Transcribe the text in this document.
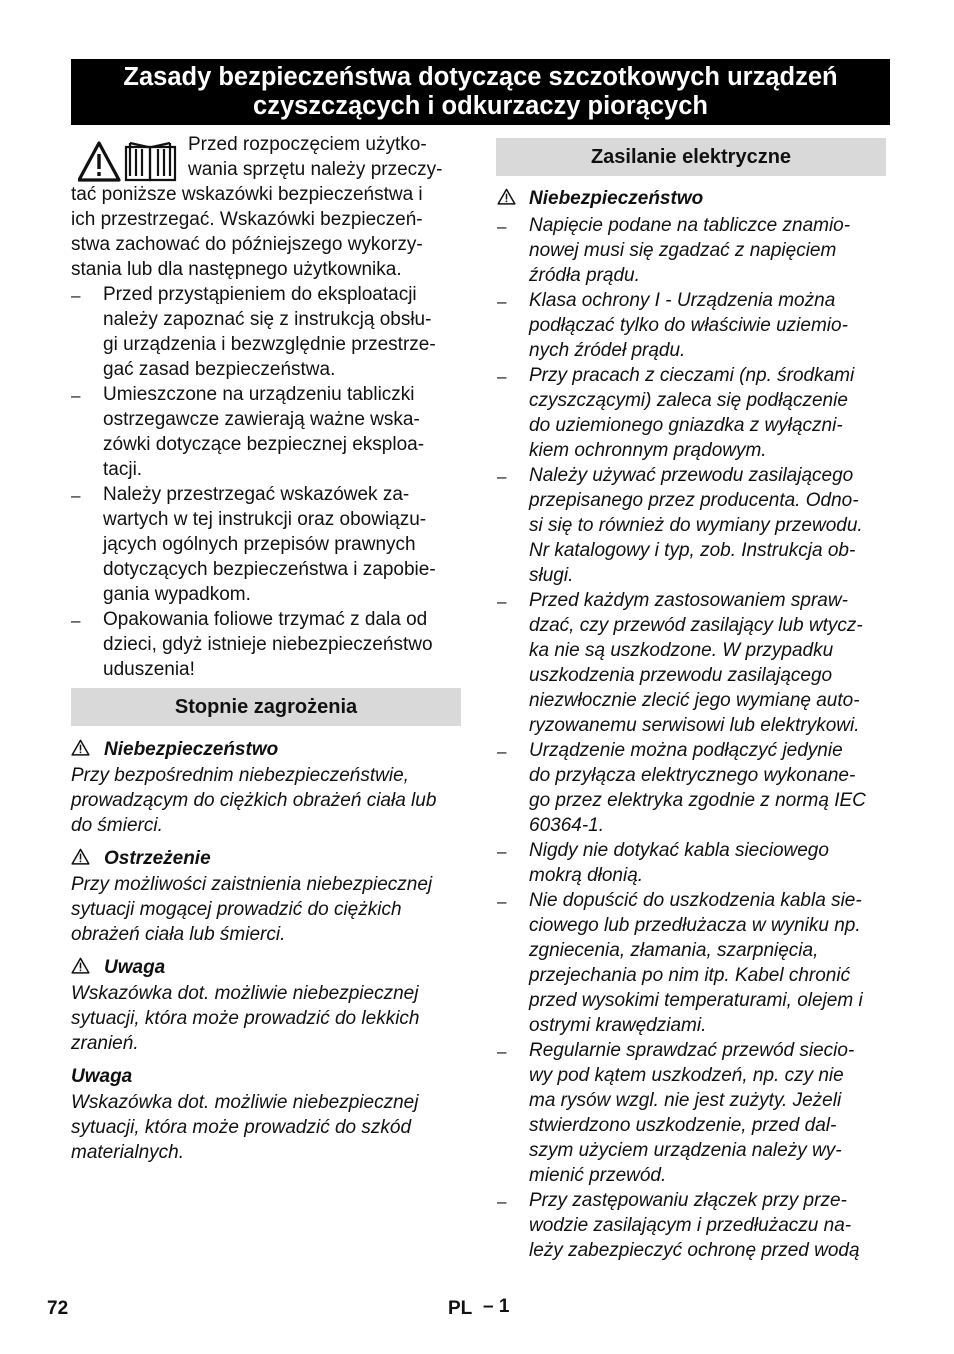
Zasady bezpieczeństwa dotyczące szczotkowych urządzeń
czyszczących i odkurzaczy piorących
Przed rozpoczęciem użytko-
wania sprzętu należy przeczy-
tać poniższe wskazówki bezpieczeństwa i
ich przestrzegać. Wskazówki bezpieczeń-
stwa zachować do późniejszego wykorzy-
stania lub dla następnego użytkownika.
– Przed przystąpieniem do eksploatacji
należy zapoznać się z instrukcją obsłu-
gi urządzenia i bezwzględnie przestrze-
gać zasad bezpieczeństwa.
– Umieszczone na urządzeniu tabliczki
ostrzegawcze zawierają ważne wska-
zówki dotyczące bezpiecznej eksploa-
tacji.
– Należy przestrzegać wskazówek za-
wartych w tej instrukcji oraz obowiązu-
jących ogólnych przepisów prawnych
dotyczących bezpieczeństwa i zapobie-
gania wypadkom.
– Opakowania foliowe trzymać z dala od
dzieci, gdyż istnieje niebezpieczeństwo
uduszenia!
Stopnie zagrożenia
Niebezpieczeństwo
Przy bezpośrednim niebezpieczeństwie,
prowadzącym do ciężkich obrażeń ciała lub
do śmierci.
Ostrzeżenie
Przy możliwości zaistnienia niebezpiecznej
sytuacji mogącej prowadzić do ciężkich
obrażeń ciała lub śmierci.
Uwaga
Wskazówka dot. możliwie niebezpiecznej
sytuacji, która może prowadzić do lekkich
zranień.
Uwaga
Wskazówka dot. możliwie niebezpiecznej
sytuacji, która może prowadzić do szkód
materialnych.
Zasilanie elektryczne
Niebezpieczeństwo
– Napięcie podane na tabliczce znamio-
nowej musi się zgadzać z napięciem
źródła prądu.
– Klasa ochrony I - Urządzenia można
podłączać tylko do właściwie uziemio-
nych źródeł prądu.
– Przy pracach z cieczami (np. środkami
czyszczącymi) zaleca się podłączenie
do uziemionego gniazdka z wyłączni-
kiem ochronnym prądowym.
– Należy używać przewodu zasilającego
przepisanego przez producenta. Odno-
si się to również do wymiany przewodu.
Nr katalogowy i typ, zob. Instrukcja ob-
sługi.
– Przed każdym zastosowaniem spraw-
dzać, czy przewód zasilający lub wtycz-
ka nie są uszkodzone. W przypadku
uszkodzenia przewodu zasilającego
niezwłocznie zlecić jego wymianę auto-
ryzowanemu serwisowi lub elektrykowi.
– Urządzenie można podłączyć jedynie
do przyłącza elektrycznego wykonane-
go przez elektryka zgodnie z normą IEC
60364-1.
– Nigdy nie dotykać kabla sieciowego
mokrą dłonią.
– Nie dopuścić do uszkodzenia kabla sie-
ciowego lub przedłużacza w wyniku np.
zgniecenia, złamania, szarpnięcia,
przejechania po nim itp. Kabel chronić
przed wysokimi temperaturami, olejem i
ostrymi krawędziami.
– Regularnie sprawdzać przewód siecio-
wy pod kątem uszkodzeń, np. czy nie
ma rysów wzgl. nie jest zużyty. Jeżeli
stwierdzono uszkodzenie, przed dal-
szym użyciem urządzenia należy wy-
mienić przewód.
– Przy zastępowaniu złączek przy prze-
wodzie zasilającym i przedłużaczu na-
leży zabezpieczyć ochronę przed wodą
72	PL – 1
